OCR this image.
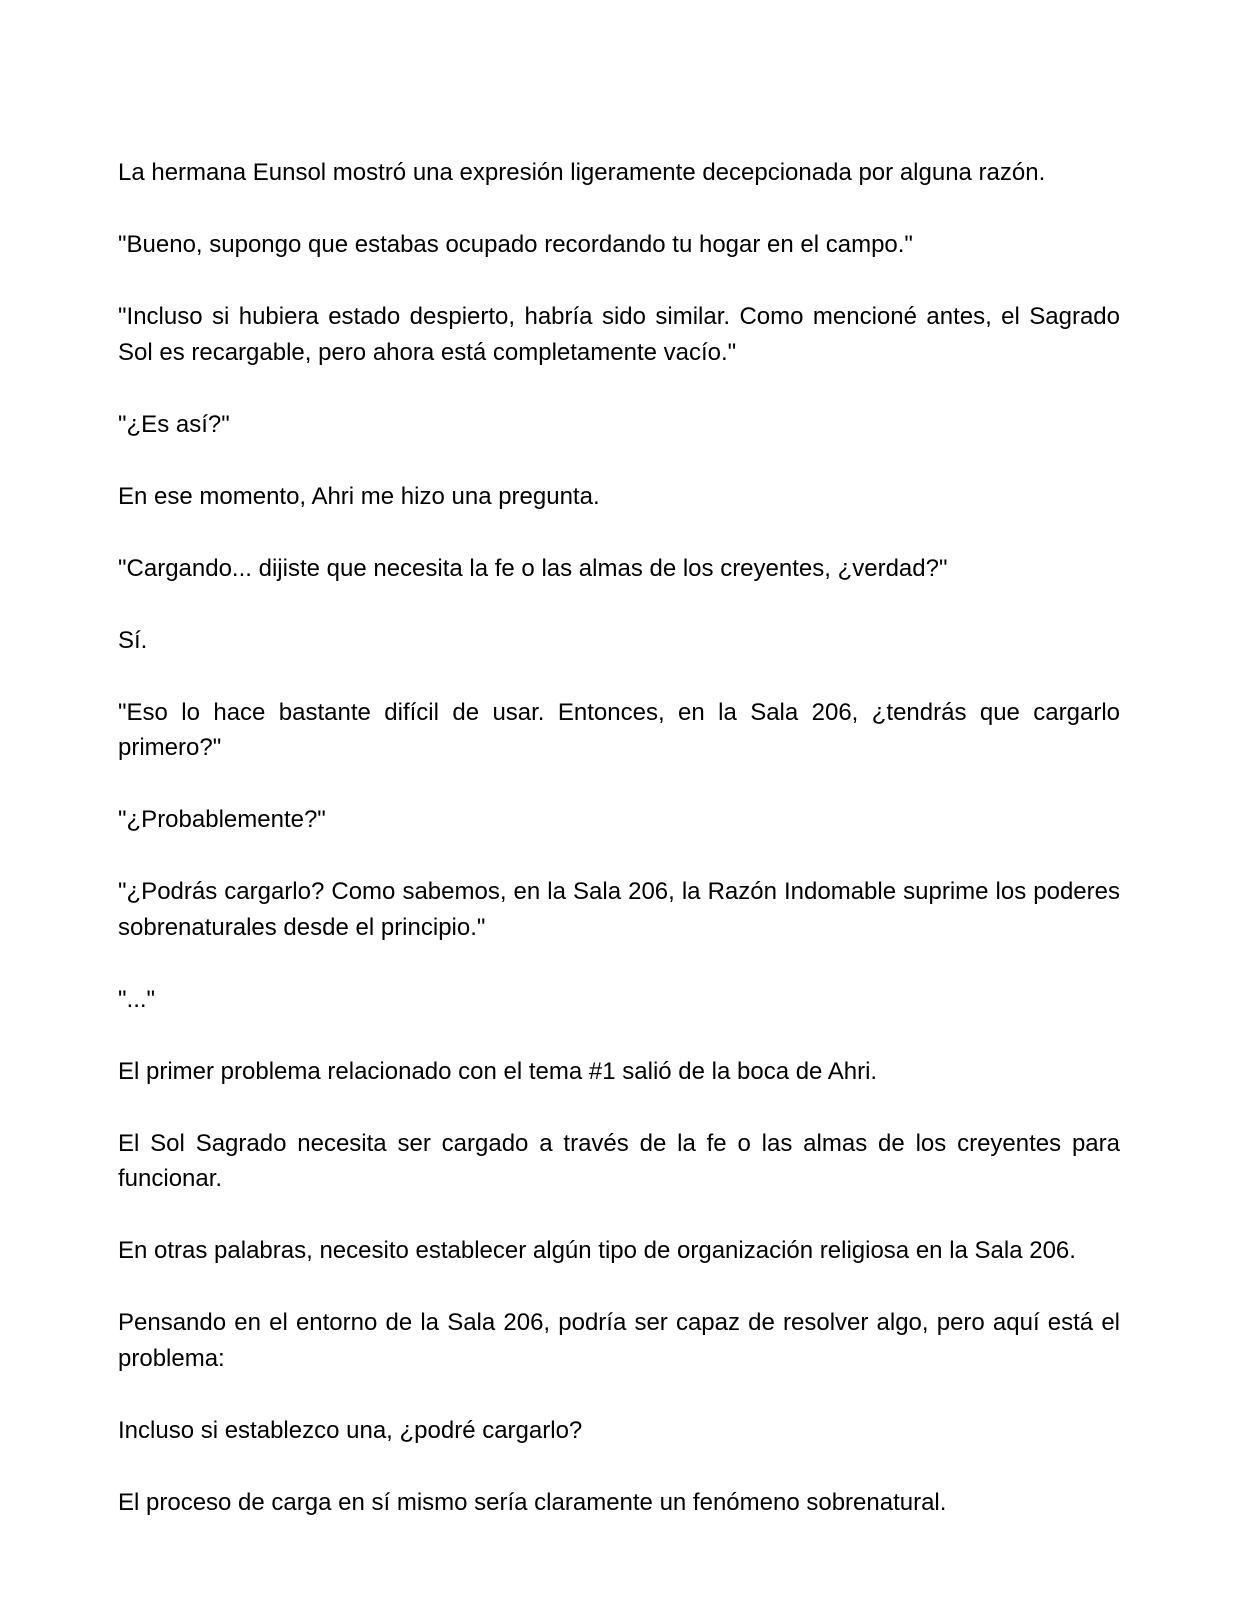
La hermana Eunsol mostró una expresión ligeramente decepcionada por alguna razón.

"Bueno, supongo que estabas ocupado recordando tu hogar en el campo."

"Incluso si hubiera estado despierto, habría sido similar. Como mencioné antes, el Sagrado Sol es recargable, pero ahora está completamente vacío."

"¿Es así?"

En ese momento, Ahri me hizo una pregunta.

"Cargando... dijiste que necesita la fe o las almas de los creyentes, ¿verdad?"

Sí.

"Eso lo hace bastante difícil de usar. Entonces, en la Sala 206, ¿tendrás que cargarlo primero?"

"¿Probablemente?"

"¿Podrás cargarlo? Como sabemos, en la Sala 206, la Razón Indomable suprime los poderes sobrenaturales desde el principio."

"..."

El primer problema relacionado con el tema #1 salió de la boca de Ahri.

El Sol Sagrado necesita ser cargado a través de la fe o las almas de los creyentes para funcionar.

En otras palabras, necesito establecer algún tipo de organización religiosa en la Sala 206.

Pensando en el entorno de la Sala 206, podría ser capaz de resolver algo, pero aquí está el problema:

Incluso si establezco una, ¿podré cargarlo?

El proceso de carga en sí mismo sería claramente un fenómeno sobrenatural.
